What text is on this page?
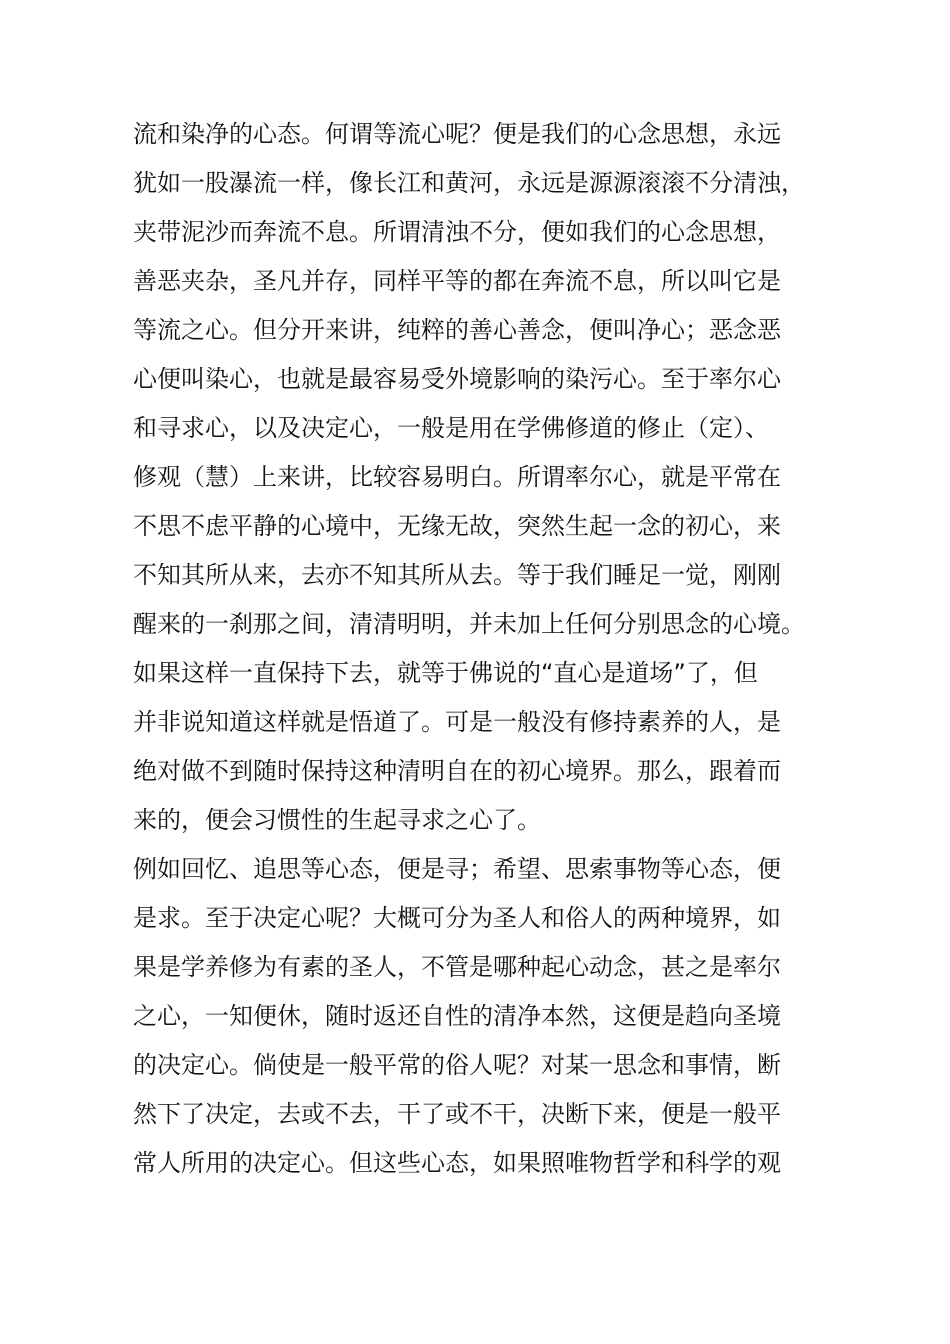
流和染净的心态。何谓等流心呢？便是我们的心念思想，永远
犹如一股瀑流一样，像长江和黄河，永远是源源滚滚不分清浊，
夹带泥沙而奔流不息。所谓清浊不分，便如我们的心念思想，
善恶夹杂，圣凡并存，同样平等的都在奔流不息，所以叫它是
等流之心。但分开来讲，纯粹的善心善念，便叫净心；恶念恶
心便叫染心，也就是最容易受外境影响的染污心。至于率尔心
和寻求心，以及决定心，一般是用在学佛修道的修止（定）、
修观（慧）上来讲，比较容易明白。所谓率尔心，就是平常在
不思不虑平静的心境中，无缘无故，突然生起一念的初心，来
不知其所从来，去亦不知其所从去。等于我们睡足一觉，刚刚
醒来的一刹那之间，清清明明，并未加上任何分别思念的心境。
如果这样一直保持下去，就等于佛说的“直心是道场”了，但
并非说知道这样就是悟道了。可是一般没有修持素养的人，是
绝对做不到随时保持这种清明自在的初心境界。那么，跟着而
来的，便会习惯性的生起寻求之心了。
例如回忆、追思等心态，便是寻；希望、思索事物等心态，便
是求。至于决定心呢？大概可分为圣人和俗人的两种境界，如
果是学养修为有素的圣人，不管是哪种起心动念，甚之是率尔
之心，一知便休，随时返还自性的清净本然，这便是趋向圣境
的决定心。倘使是一般平常的俗人呢？对某一思念和事情，断
然下了决定，去或不去，干了或不干，决断下来，便是一般平
常人所用的决定心。但这些心态，如果照唯物哲学和科学的观
